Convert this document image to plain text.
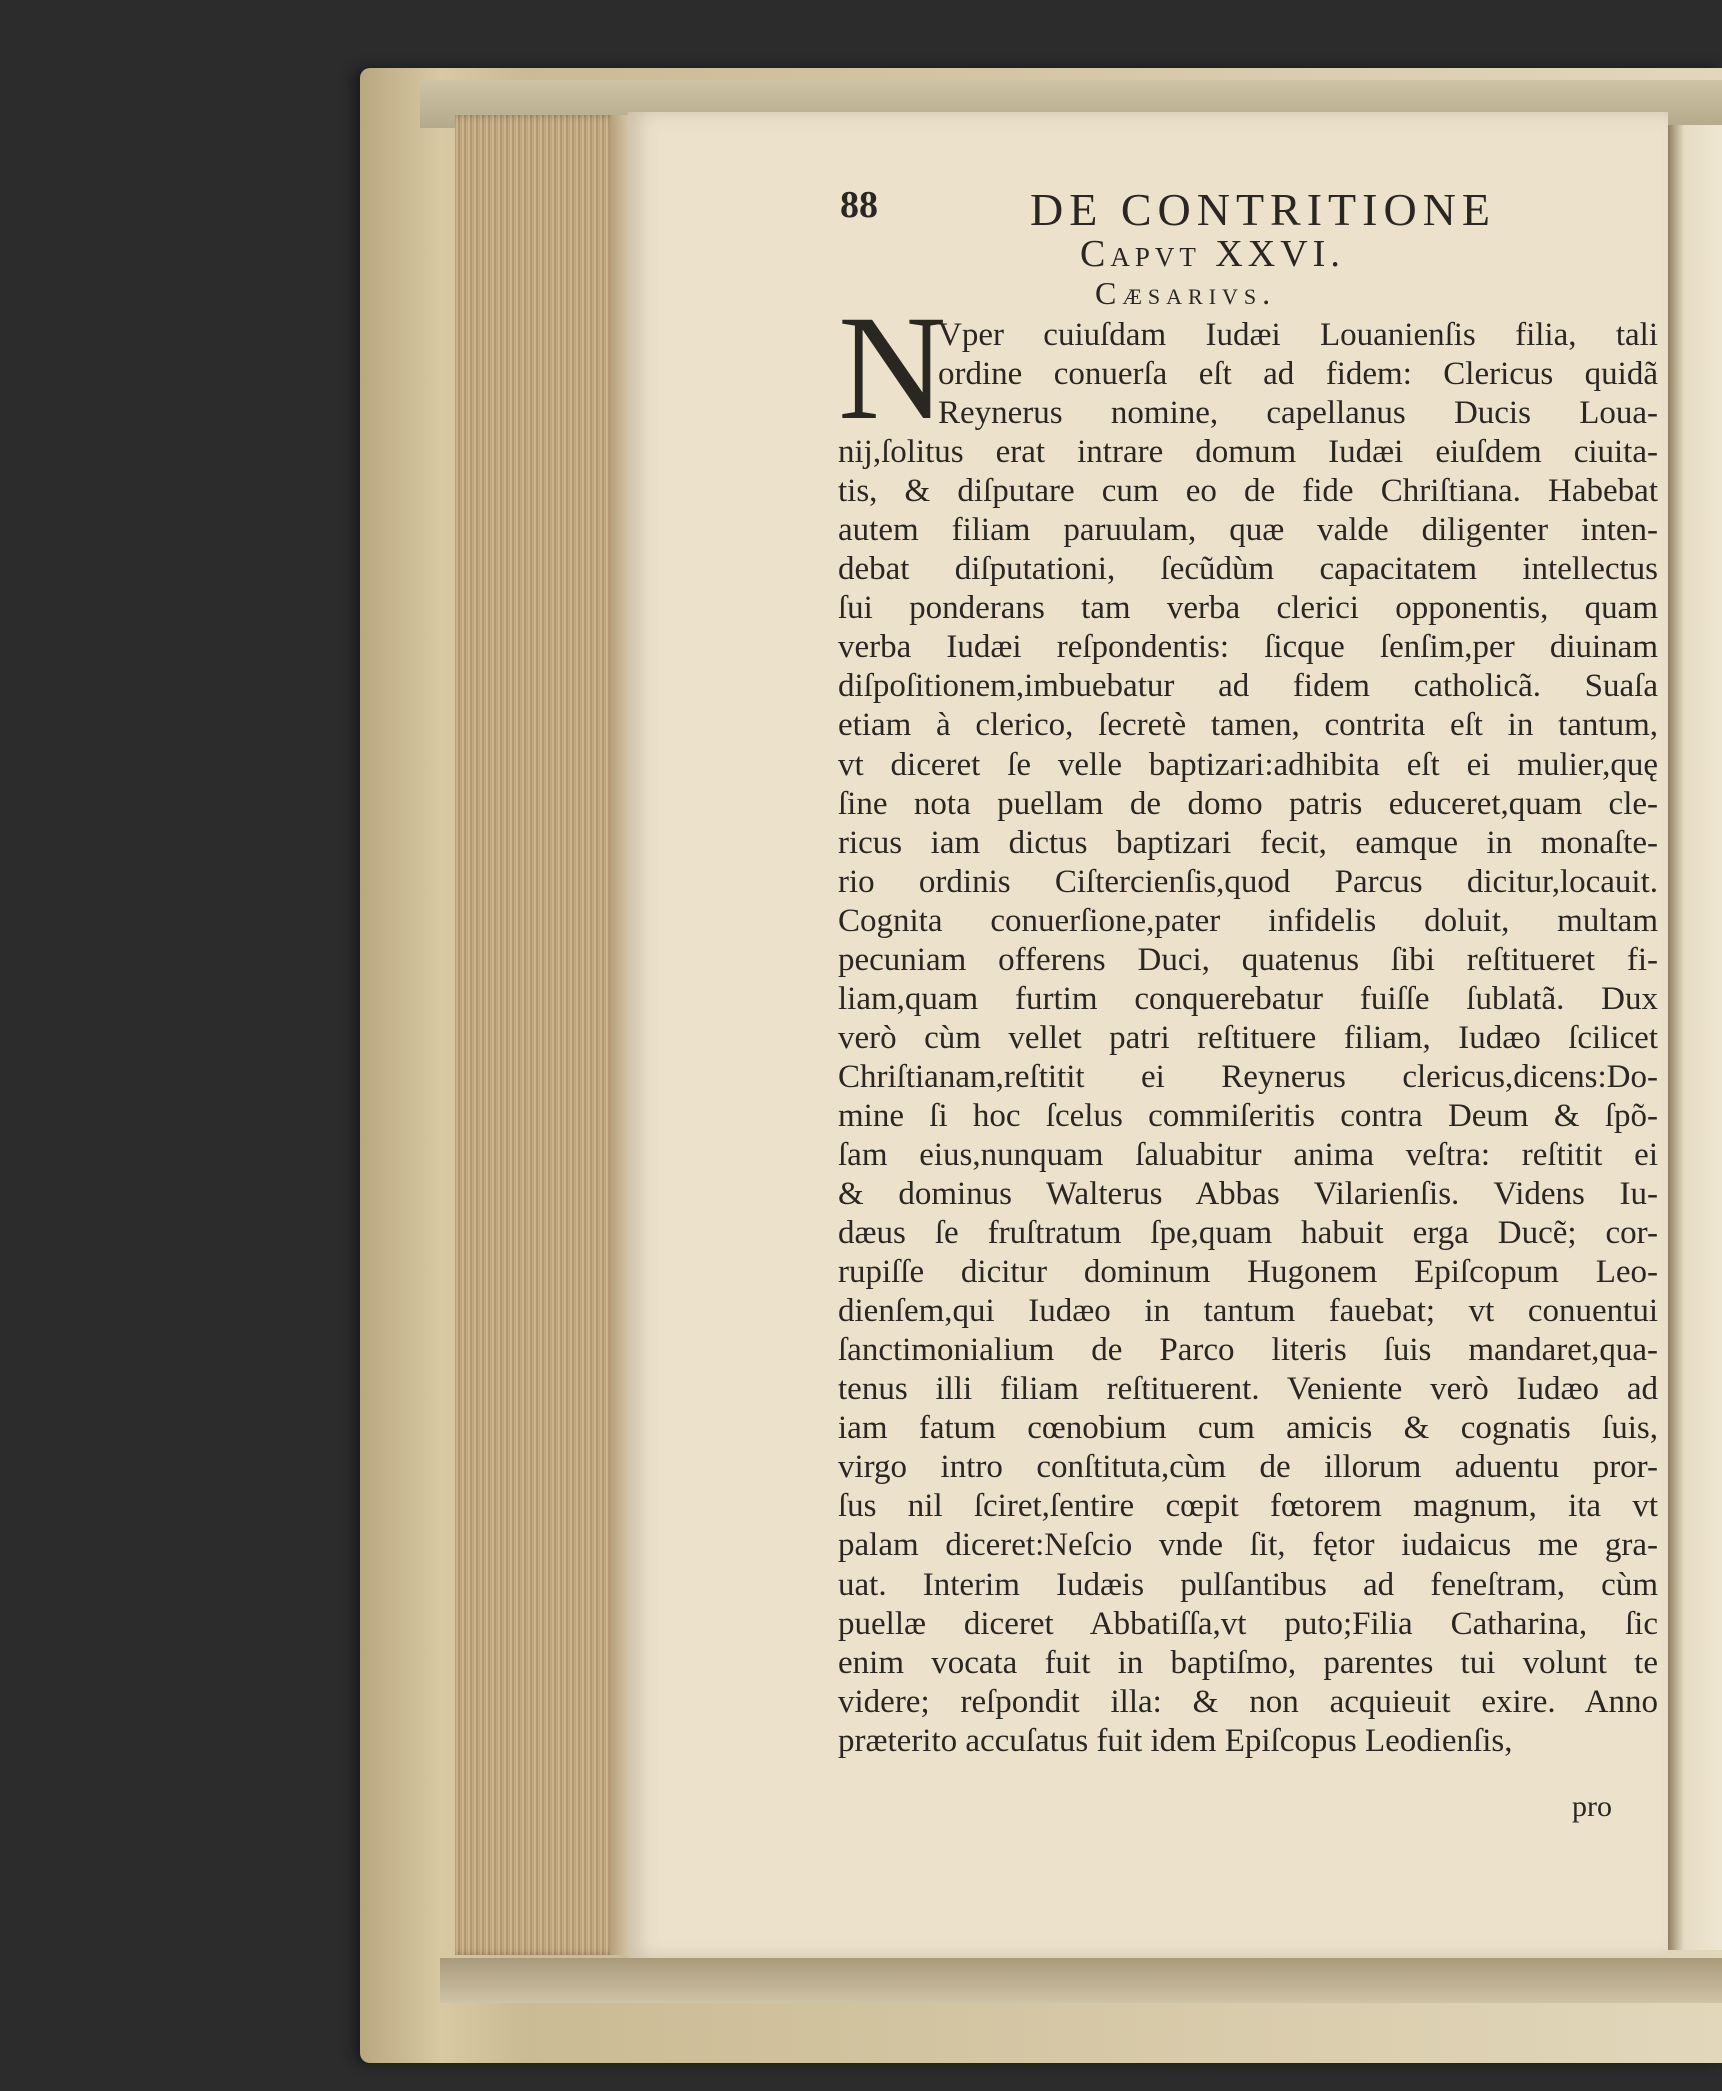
88	DE CONTRITIONE
Capvt XXVI.
Cæsarivs.
N
Vper cuiuſdam Iudæi Louanienſis filia, tali
ordine conuerſa eſt ad fidem: Clericus quidã
Reynerus nomine, capellanus Ducis Loua-
nij,ſolitus erat intrare domum Iudæi eiuſdem ciuita-
tis, & diſputare cum eo de fide Chriſtiana. Habebat
autem filiam paruulam, quæ valde diligenter inten-
debat diſputationi, ſecũdùm capacitatem intellectus
ſui ponderans tam verba clerici opponentis, quam
verba Iudæi reſpondentis: ſicque ſenſim,per diuinam
diſpoſitionem,imbuebatur ad fidem catholicã. Suaſa
etiam à clerico, ſecretè tamen, contrita eſt in tantum,
vt diceret ſe velle baptizari:adhibita eſt ei mulier,quę
ſine nota puellam de domo patris educeret,quam cle-
ricus iam dictus baptizari fecit, eamque in monaſte-
rio ordinis Ciſtercienſis,quod Parcus dicitur,locauit.
Cognita conuerſione,pater infidelis doluit, multam
pecuniam offerens Duci, quatenus ſibi reſtitueret fi-
liam,quam furtim conquerebatur fuiſſe ſublatã. Dux
verò cùm vellet patri reſtituere filiam, Iudæo ſcilicet
Chriſtianam,reſtitit ei Reynerus clericus,dicens:Do-
mine ſi hoc ſcelus commiſeritis contra Deum & ſpõ-
ſam eius,nunquam ſaluabitur anima veſtra: reſtitit ei
& dominus Walterus Abbas Vilarienſis. Videns Iu-
dæus ſe fruſtratum ſpe,quam habuit erga Ducẽ; cor-
rupiſſe dicitur dominum Hugonem Epiſcopum Leo-
dienſem,qui Iudæo in tantum fauebat; vt conuentui
ſanctimonialium de Parco literis ſuis mandaret,qua-
tenus illi filiam reſtituerent. Veniente verò Iudæo ad
iam fatum cœnobium cum amicis & cognatis ſuis,
virgo intro conſtituta,cùm de illorum aduentu pror-
ſus nil ſciret,ſentire cœpit fœtorem magnum, ita vt
palam diceret:Neſcio vnde ſit, fętor iudaicus me gra-
uat. Interim Iudæis pulſantibus ad feneſtram, cùm
puellæ diceret Abbatiſſa,vt puto;Filia Catharina, ſic
enim vocata fuit in baptiſmo, parentes tui volunt te
videre; reſpondit illa: & non acquieuit exire. Anno
præterito accuſatus fuit idem Epiſcopus Leodienſis,
pro
